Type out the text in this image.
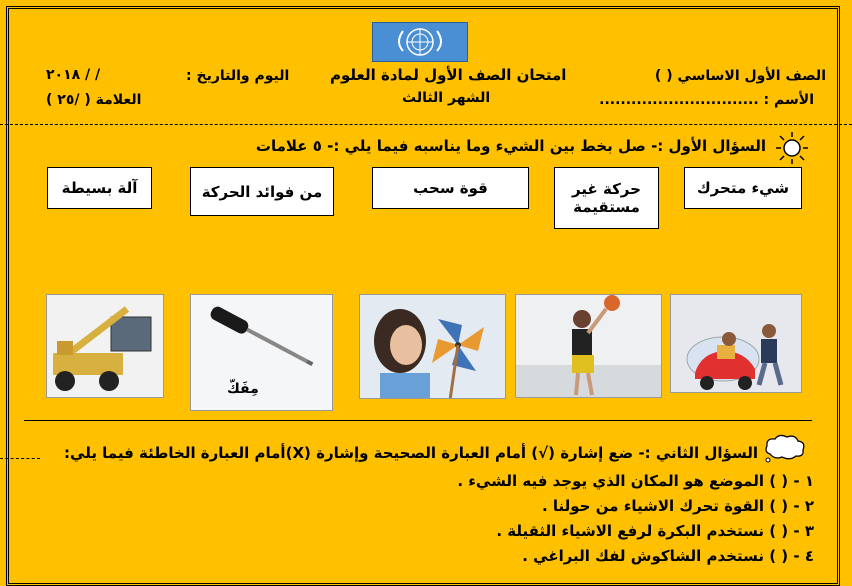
الصف الأول الاساسي ( )
امتحان الصف الأول لمادة العلوم
اليوم والتاريخ :
/ / ٢٠١٨
الأسم : ..............................
الشهر الثالث
العلامة ( /٢٥ )
السؤال الأول :- صل بخط بين الشيء وما يناسبه فيما يلي :- ٥ علامات
شيء متحرك
حركة غير مستقيمة
قوة سحب
من فوائد الحركة
آلة بسيطة
مِفَكّ
السؤال الثاني :- ضع إشارة (√) أمام العبارة الصحيحة وإشارة (X)أمام العبارة الخاطئة فيما يلي:
١ - ( ) الموضع هو المكان الذي يوجد فيه الشيء .
٢ - ( ) القوة تحرك الاشياء من حولنا .
٣ - ( ) نستخدم البكرة لرفع الاشياء الثقيلة .
٤ - ( ) نستخدم الشاكوش لفك البراغي .
